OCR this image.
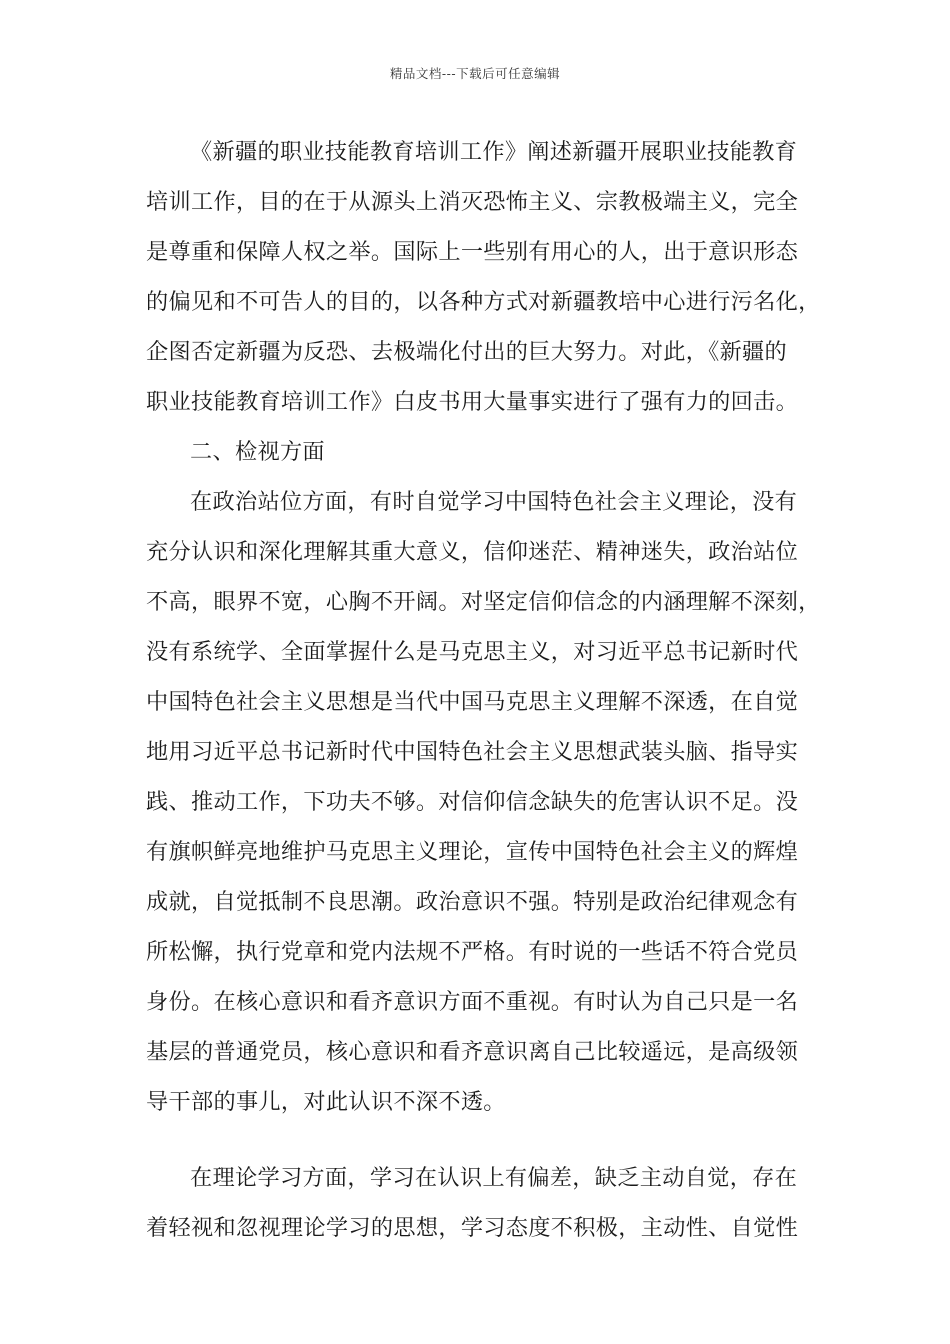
精品文档---下载后可任意编辑
《新疆的职业技能教育培训工作》阐述新疆开展职业技能教育
培训工作，目的在于从源头上消灭恐怖主义、宗教极端主义，完全
是尊重和保障人权之举。国际上一些别有用心的人，出于意识形态
的偏见和不可告人的目的，以各种方式对新疆教培中心进行污名化，
企图否定新疆为反恐、去极端化付出的巨大努力。对此，《新疆的
职业技能教育培训工作》白皮书用大量事实进行了强有力的回击。
二、检视方面
在政治站位方面，有时自觉学习中国特色社会主义理论，没有
充分认识和深化理解其重大意义，信仰迷茫、精神迷失，政治站位
不高，眼界不宽，心胸不开阔。对坚定信仰信念的内涵理解不深刻，
没有系统学、全面掌握什么是马克思主义，对习近平总书记新时代
中国特色社会主义思想是当代中国马克思主义理解不深透，在自觉
地用习近平总书记新时代中国特色社会主义思想武装头脑、指导实
践、推动工作，下功夫不够。对信仰信念缺失的危害认识不足。没
有旗帜鲜亮地维护马克思主义理论，宣传中国特色社会主义的辉煌
成就，自觉抵制不良思潮。政治意识不强。特别是政治纪律观念有
所松懈，执行党章和党内法规不严格。有时说的一些话不符合党员
身份。在核心意识和看齐意识方面不重视。有时认为自己只是一名
基层的普通党员，核心意识和看齐意识离自己比较遥远，是高级领
导干部的事儿，对此认识不深不透。
在理论学习方面，学习在认识上有偏差，缺乏主动自觉，存在
着轻视和忽视理论学习的思想，学习态度不积极，主动性、自觉性
